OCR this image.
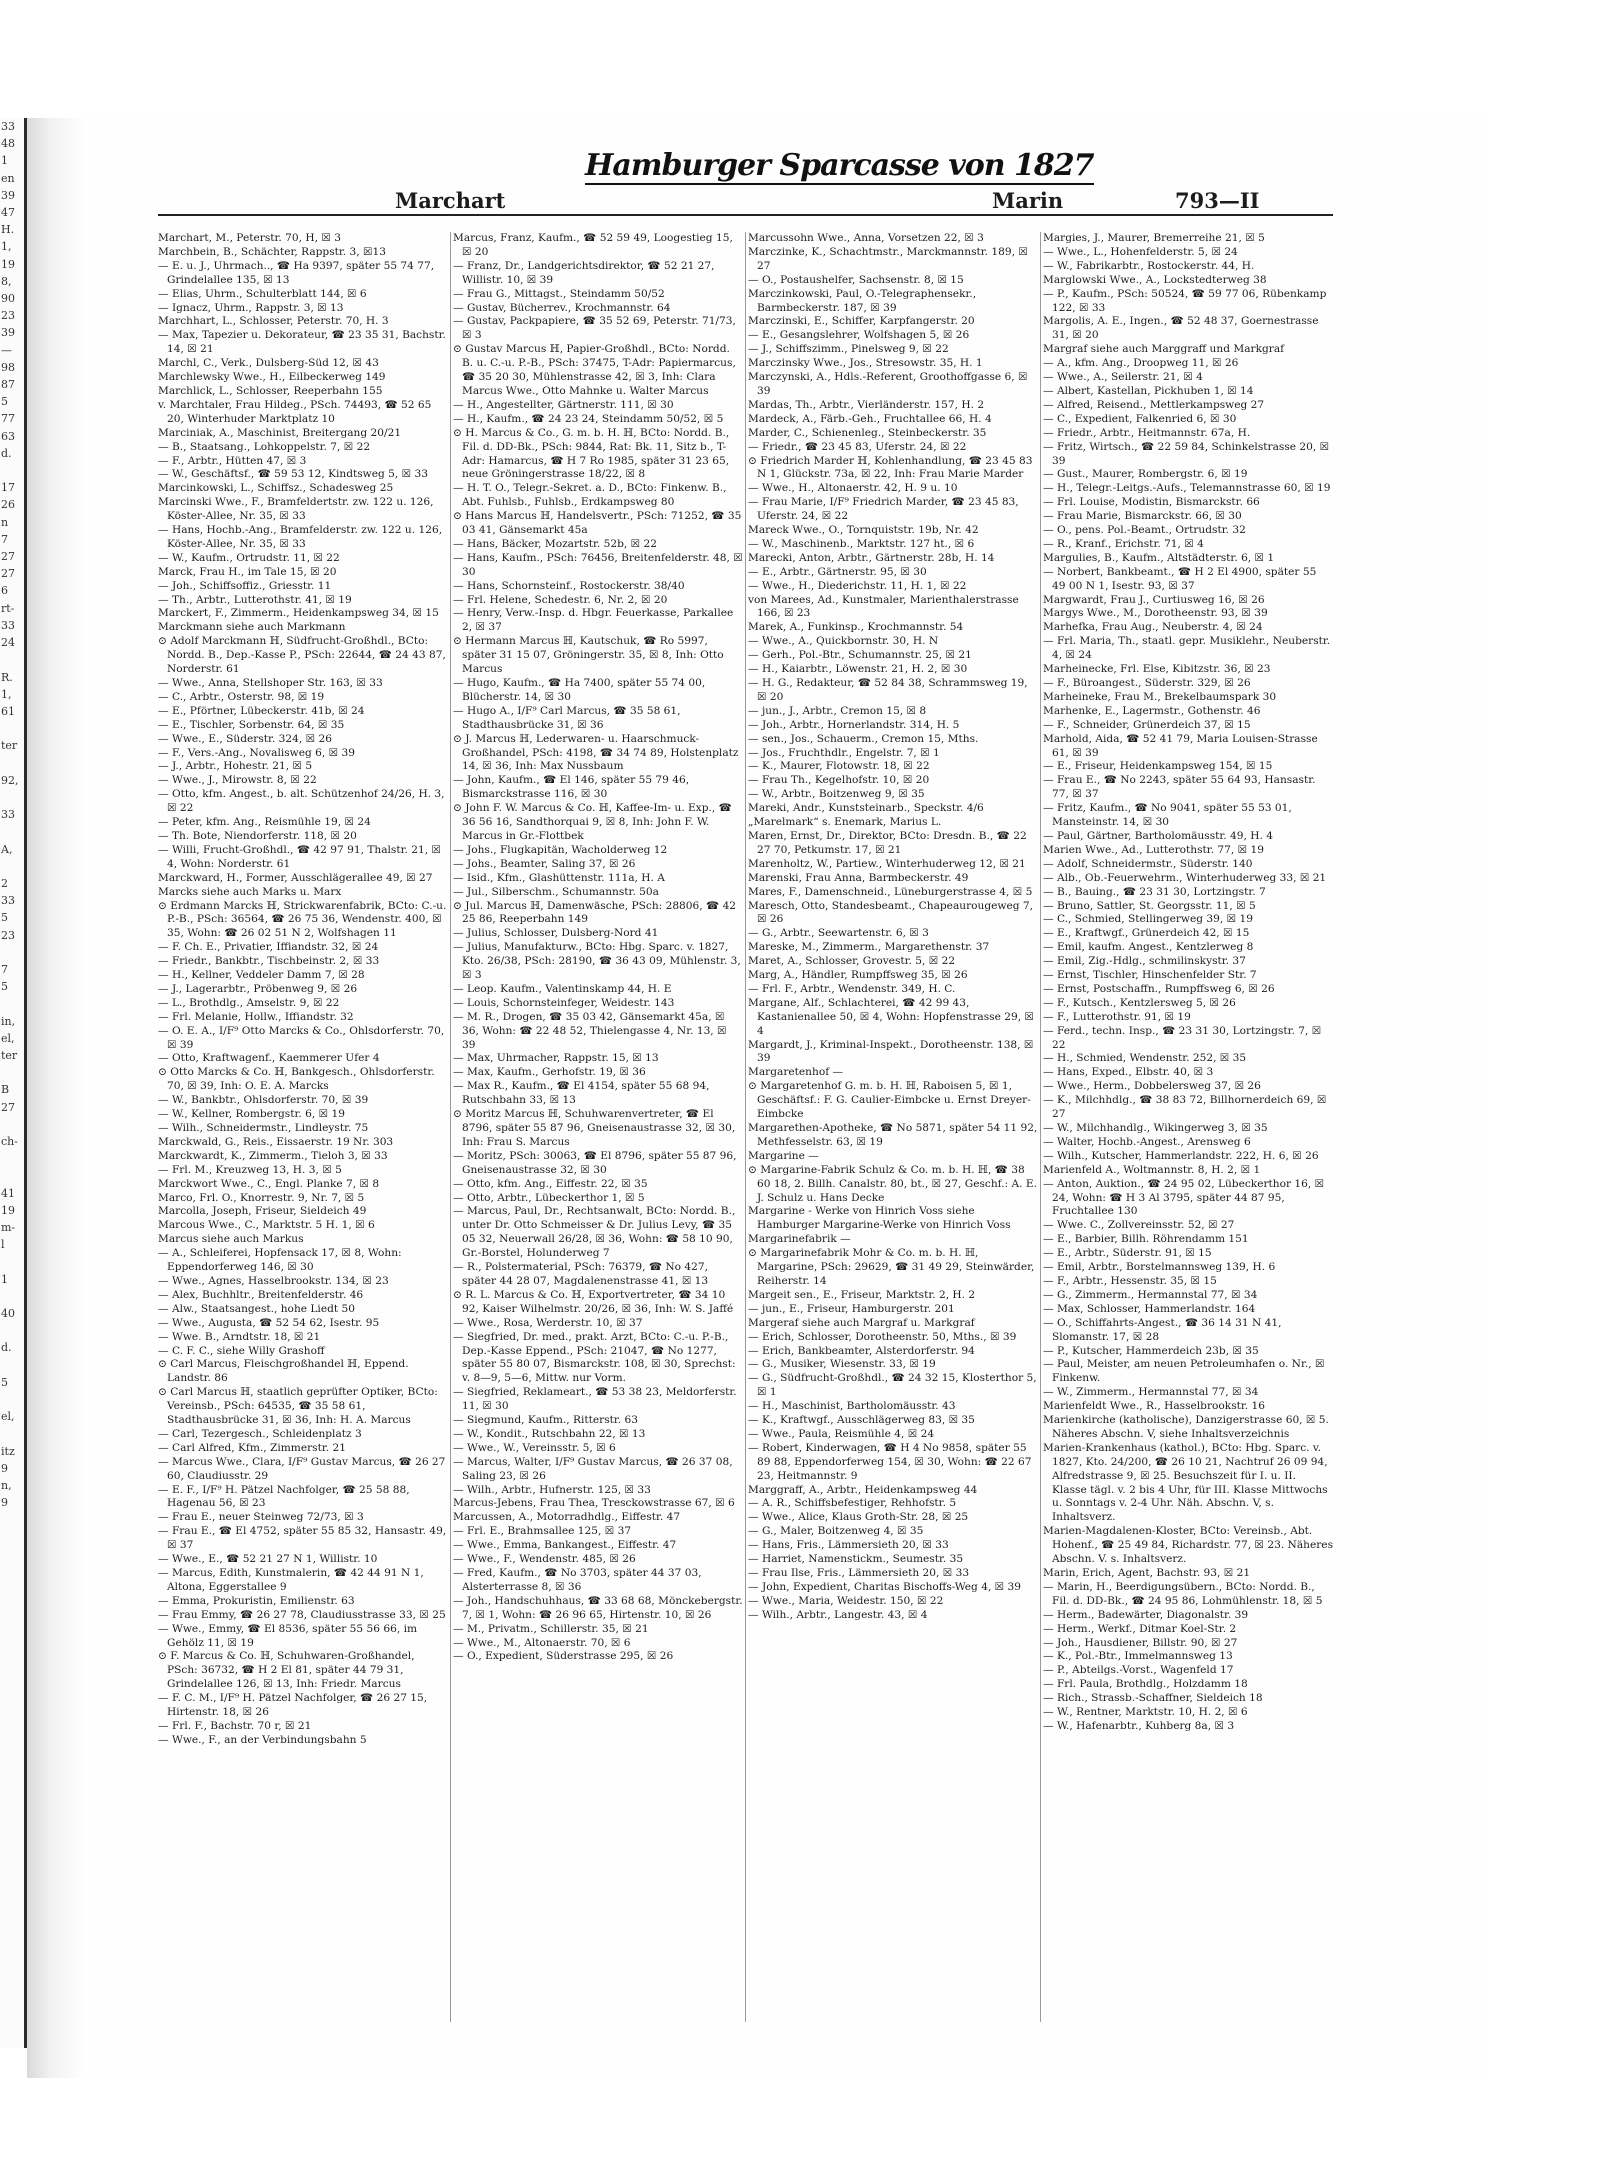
33
48
1
en
39
47
H.
1,
19
8,
90
23
39
—
98
87
5
77
63
d.

17
26
n
7
27
27
6
rt-
33
24

R.
1,
61

ter

92,

33

A,

2
33
5
23

7
5

in,
el,
ter

B
27

ch-

41
19
m-
l

1

40

d.

5

el,

itz
9
n,
9
Marchart
Hamburger Sparcasse von 1827
Marin	793—II

Marchart, M., Peterstr. 70, H, ☒ 3

Marchbein, B., Schächter, Rappstr. 3, ☒13

— E. u. J., Uhrmach.., ☎ Ha 9397, später 55 74 77, Grindelallee 135, ☒ 13

— Elias, Uhrm., Schulterblatt 144, ☒ 6

— Ignacz, Uhrm., Rappstr. 3, ☒ 13

Marchhart, L., Schlosser, Peterstr. 70, H. 3

— Max, Tapezier u. Dekorateur, ☎ 23 35 31, Bachstr. 14, ☒ 21

Marchl, C., Verk., Dulsberg-Süd 12, ☒ 43

Marchlewsky Wwe., H., Eilbeckerweg 149

Marchlick, L., Schlosser, Reeperbahn 155

v. Marchtaler, Frau Hildeg., PSch. 74493, ☎ 52 65 20, Winterhuder Marktplatz 10

Marciniak, A., Maschinist, Breitergang 20/21

— B., Staatsang., Lohkoppelstr. 7, ☒ 22

— F., Arbtr., Hütten 47, ☒ 3

— W., Geschäftsf., ☎ 59 53 12, Kindtsweg 5, ☒ 33

Marcinkowski, L., Schiffsz., Schadesweg 25

Marcinski Wwe., F., Bramfeldertstr. zw. 122 u. 126, Köster-Allee, Nr. 35, ☒ 33

— Hans, Hochb.-Ang., Bramfelderstr. zw. 122 u. 126, Köster-Allee, Nr. 35, ☒ 33

— W., Kaufm., Ortrudstr. 11, ☒ 22

Marck, Frau H., im Tale 15, ☒ 20

— Joh., Schiffsoffiz., Griesstr. 11

— Th., Arbtr., Lutterothstr. 41, ☒ 19

Marckert, F., Zimmerm., Heidenkampsweg 34, ☒ 15

Marckmann siehe auch Markmann

⊙ Adolf Marckmann ℍ, Südfrucht-Großhdl., BCto: Nordd. B., Dep.-Kasse P., PSch: 22644, ☎ 24 43 87, Norderstr. 61

— Wwe., Anna, Stellshoper Str. 163, ☒ 33

— C., Arbtr., Osterstr. 98, ☒ 19

— E., Pförtner, Lübeckerstr. 41b, ☒ 24

— E., Tischler, Sorbenstr. 64, ☒ 35

— Wwe., E., Süderstr. 324, ☒ 26

— F., Vers.-Ang., Novalisweg 6, ☒ 39

— J., Arbtr., Hohestr. 21, ☒ 5

— Wwe., J., Mirowstr. 8, ☒ 22

— Otto, kfm. Angest., b. alt. Schützenhof 24/26, H. 3, ☒ 22

— Peter, kfm. Ang., Reismühle 19, ☒ 24

— Th. Bote, Niendorferstr. 118, ☒ 20

— Willi, Frucht-Großhdl., ☎ 42 97 91, Thalstr. 21, ☒ 4, Wohn: Norderstr. 61

Marckward, H., Former, Ausschlägerallee 49, ☒ 27

Marcks siehe auch Marks u. Marx

⊙ Erdmann Marcks ℍ, Strickwarenfabrik, BCto: C.-u. P.-B., PSch: 36564, ☎ 26 75 36, Wendenstr. 400, ☒ 35, Wohn: ☎ 26 02 51 N 2, Wolfshagen 11

— F. Ch. E., Privatier, Iffiandstr. 32, ☒ 24

— Friedr., Bankbtr., Tischbeinstr. 2, ☒ 33

— H., Kellner, Veddeler Damm 7, ☒ 28

— J., Lagerarbtr., Pröbenweg 9, ☒ 26

— L., Brothdlg., Amselstr. 9, ☒ 22

— Frl. Melanie, Hollw., Iffiandstr. 32

— O. E. A., I/F⁹ Otto Marcks & Co., Ohlsdorferstr. 70, ☒ 39

— Otto, Kraftwagenf., Kaemmerer Ufer 4

⊙ Otto Marcks & Co. ℍ, Bankgesch., Ohlsdorferstr. 70, ☒ 39, Inh: O. E. A. Marcks

— W., Bankbtr., Ohlsdorferstr. 70, ☒ 39

— W., Kellner, Rombergstr. 6, ☒ 19

— Wilh., Schneidermstr., Lindleystr. 75

Marckwald, G., Reis., Eissaerstr. 19 Nr. 303

Marckwardt, K., Zimmerm., Tieloh 3, ☒ 33

— Frl. M., Kreuzweg 13, H. 3, ☒ 5

Marckwort Wwe., C., Engl. Planke 7, ☒ 8

Marco, Frl. O., Knorrestr. 9, Nr. 7, ☒ 5

Marcolla, Joseph, Friseur, Sieldeich 49

Marcous Wwe., C., Marktstr. 5 H. 1, ☒ 6

Marcus siehe auch Markus

— A., Schleiferei, Hopfensack 17, ☒ 8, Wohn: Eppendorferweg 146, ☒ 30

— Wwe., Agnes, Hasselbrookstr. 134, ☒ 23

— Alex, Buchhltr., Breitenfelderstr. 46

— Alw., Staatsangest., hohe Liedt 50

— Wwe., Augusta, ☎ 52 54 62, Isestr. 95

— Wwe. B., Arndtstr. 18, ☒ 21

— C. F. C., siehe Willy Grashoff

⊙ Carl Marcus, Fleischgroßhandel ℍ, Eppend. Landstr. 86

⊙ Carl Marcus ℍ, staatlich geprüfter Optiker, BCto: Vereinsb., PSch: 64535, ☎ 35 58 61, Stadthausbrücke 31, ☒ 36, Inh: H. A. Marcus

— Carl, Tezergesch., Schleidenplatz 3

— Carl Alfred, Kfm., Zimmerstr. 21

— Marcus Wwe., Clara, I/F⁹ Gustav Marcus, ☎ 26 27 60, Claudiusstr. 29

— E. F., I/F⁹ H. Pätzel Nachfolger, ☎ 25 58 88, Hagenau 56, ☒ 23

— Frau E., neuer Steinweg 72/73, ☒ 3

— Frau E., ☎ El 4752, später 55 85 32, Hansastr. 49, ☒ 37

— Wwe., E., ☎ 52 21 27 N 1, Willistr. 10

— Marcus, Edith, Kunstmalerin, ☎ 42 44 91 N 1, Altona, Eggerstallee 9

— Emma, Prokuristin, Emilienstr. 63

— Frau Emmy, ☎ 26 27 78, Claudiusstrasse 33, ☒ 25

— Wwe., Emmy, ☎ El 8536, später 55 56 66, im Gehölz 11, ☒ 19

⊙ F. Marcus & Co. ℍ, Schuhwaren-Großhandel, PSch: 36732, ☎ H 2 El 81, später 44 79 31, Grindelallee 126, ☒ 13, Inh: Friedr. Marcus

— F. C. M., I/F⁹ H. Pätzel Nachfolger, ☎ 26 27 15, Hirtenstr. 18, ☒ 26

— Frl. F., Bachstr. 70 r, ☒ 21

— Wwe., F., an der Verbindungsbahn 5

Marcus, Franz, Kaufm., ☎ 52 59 49, Loogestieg 15, ☒ 20

— Franz, Dr., Landgerichtsdirektor, ☎ 52 21 27, Willistr. 10, ☒ 39

— Frau G., Mittagst., Steindamm 50/52

— Gustav, Bücherrev., Krochmannstr. 64

— Gustav, Packpapiere, ☎ 35 52 69, Peterstr. 71/73, ☒ 3

⊙ Gustav Marcus ℍ, Papier-Großhdl., BCto: Nordd. B. u. C.-u. P.-B., PSch: 37475, T-Adr: Papiermarcus, ☎ 35 20 30, Mühlenstrasse 42, ☒ 3, Inh: Clara Marcus Wwe., Otto Mahnke u. Walter Marcus

— H., Angestellter, Gärtnerstr. 111, ☒ 30

— H., Kaufm., ☎ 24 23 24, Steindamm 50/52, ☒ 5

⊙ H. Marcus & Co., G. m. b. H. ℍ, BCto: Nordd. B., Fil. d. DD-Bk., PSch: 9844, Rat: Bk. 11, Sitz b., T-Adr: Hamarcus, ☎ H 7 Ro 1985, später 31 23 65, neue Gröningerstrasse 18/22, ☒ 8

— H. T. O., Telegr.-Sekret. a. D., BCto: Finkenw. B., Abt. Fuhlsb., Fuhlsb., Erdkampsweg 80

⊙ Hans Marcus ℍ, Handelsvertr., PSch: 71252, ☎ 35 03 41, Gänsemarkt 45a

— Hans, Bäcker, Mozartstr. 52b, ☒ 22

— Hans, Kaufm., PSch: 76456, Breitenfelderstr. 48, ☒ 30

— Hans, Schornsteinf., Rostockerstr. 38/40

— Frl. Helene, Schedestr. 6, Nr. 2, ☒ 20

— Henry, Verw.-Insp. d. Hbgr. Feuerkasse, Parkallee 2, ☒ 37

⊙ Hermann Marcus ℍ, Kautschuk, ☎ Ro 5997, später 31 15 07, Gröningerstr. 35, ☒ 8, Inh: Otto Marcus

— Hugo, Kaufm., ☎ Ha 7400, später 55 74 00, Blücherstr. 14, ☒ 30

— Hugo A., I/F⁹ Carl Marcus, ☎ 35 58 61, Stadthausbrücke 31, ☒ 36

⊙ J. Marcus ℍ, Lederwaren- u. Haarschmuck-Großhandel, PSch: 4198, ☎ 34 74 89, Holstenplatz 14, ☒ 36, Inh: Max Nussbaum

— John, Kaufm., ☎ El 146, später 55 79 46, Bismarckstrasse 116, ☒ 30

⊙ John F. W. Marcus & Co. ℍ, Kaffee-Im- u. Exp., ☎ 36 56 16, Sandthorquai 9, ☒ 8, Inh: John F. W. Marcus in Gr.-Flottbek

— Johs., Flugkapitän, Wacholderweg 12

— Johs., Beamter, Saling 37, ☒ 26

— Isid., Kfm., Glashüttenstr. 111a, H. A

— Jul., Silberschm., Schumannstr. 50a

⊙ Jul. Marcus ℍ, Damenwäsche, PSch: 28806, ☎ 42 25 86, Reeperbahn 149

— Julius, Schlosser, Dulsberg-Nord 41

— Julius, Manufakturw., BCto: Hbg. Sparc. v. 1827, Kto. 26/38, PSch: 28190, ☎ 36 43 09, Mühlenstr. 3, ☒ 3

— Leop. Kaufm., Valentinskamp 44, H. E

— Louis, Schornsteinfeger, Weidestr. 143

— M. R., Drogen, ☎ 35 03 42, Gänsemarkt 45a, ☒ 36, Wohn: ☎ 22 48 52, Thielengasse 4, Nr. 13, ☒ 39

— Max, Uhrmacher, Rappstr. 15, ☒ 13

— Max, Kaufm., Gerhofstr. 19, ☒ 36

— Max R., Kaufm., ☎ El 4154, später 55 68 94, Rutschbahn 33, ☒ 13

⊙ Moritz Marcus ℍ, Schuhwarenvertreter, ☎ El 8796, später 55 87 96, Gneisenaustrasse 32, ☒ 30, Inh: Frau S. Marcus

— Moritz, PSch: 30063, ☎ El 8796, später 55 87 96, Gneisenaustrasse 32, ☒ 30

— Otto, kfm. Ang., Eiffestr. 22, ☒ 35

— Otto, Arbtr., Lübeckerthor 1, ☒ 5

— Marcus, Paul, Dr., Rechtsanwalt, BCto: Nordd. B., unter Dr. Otto Schmeisser & Dr. Julius Levy, ☎ 35 05 32, Neuerwall 26/28, ☒ 36, Wohn: ☎ 58 10 90, Gr.-Borstel, Holunderweg 7

— R., Polstermaterial, PSch: 76379, ☎ No 427, später 44 28 07, Magdalenenstrasse 41, ☒ 13

⊙ R. L. Marcus & Co. ℍ, Exportvertreter, ☎ 34 10 92, Kaiser Wilhelmstr. 20/26, ☒ 36, Inh: W. S. Jaffé

— Wwe., Rosa, Werderstr. 10, ☒ 37

— Siegfried, Dr. med., prakt. Arzt, BCto: C.-u. P.-B., Dep.-Kasse Eppend., PSch: 21047, ☎ No 1277, später 55 80 07, Bismarckstr. 108, ☒ 30, Sprechst: v. 8—9, 5—6, Mittw. nur Vorm.

— Siegfried, Reklameart., ☎ 53 38 23, Meldorferstr. 11, ☒ 30

— Siegmund, Kaufm., Ritterstr. 63

— W., Kondit., Rutschbahn 22, ☒ 13

— Wwe., W., Vereinsstr. 5, ☒ 6

— Marcus, Walter, I/F⁹ Gustav Marcus, ☎ 26 37 08, Saling 23, ☒ 26

— Wilh., Arbtr., Hufnerstr. 125, ☒ 33

Marcus-Jebens, Frau Thea, Tresckowstrasse 67, ☒ 6

Marcussen, A., Motorradhdlg., Eiffestr. 47

— Frl. E., Brahmsallee 125, ☒ 37

— Wwe., Emma, Bankangest., Eiffestr. 47

— Wwe., F., Wendenstr. 485, ☒ 26

— Fred, Kaufm., ☎ No 3703, später 44 37 03, Alsterterrasse 8, ☒ 36

— Joh., Handschuhhaus, ☎ 33 68 68, Mönckebergstr. 7, ☒ 1, Wohn: ☎ 26 96 65, Hirtenstr. 10, ☒ 26

— M., Privatm., Schillerstr. 35, ☒ 21

— Wwe., M., Altonaerstr. 70, ☒ 6

— O., Expedient, Süderstrasse 295, ☒ 26

Marcussohn Wwe., Anna, Vorsetzen 22, ☒ 3

Marczinke, K., Schachtmstr., Marckmannstr. 189, ☒ 27

— O., Postaushelfer, Sachsenstr. 8, ☒ 15

Marczinkowski, Paul, O.-Telegraphensekr., Barmbeckerstr. 187, ☒ 39

Marczinski, E., Schiffer, Karpfangerstr. 20

— E., Gesangslehrer, Wolfshagen 5, ☒ 26

— J., Schiffszimm., Pinelsweg 9, ☒ 22

Marczinsky Wwe., Jos., Stresowstr. 35, H. 1

Marczynski, A., Hdls.-Referent, Groothoffgasse 6, ☒ 39

Mardas, Th., Arbtr., Vierländerstr. 157, H. 2

Mardeck, A., Färb.-Geh., Fruchtallee 66, H. 4

Marder, C., Schienenleg., Steinbeckerstr. 35

— Friedr., ☎ 23 45 83, Uferstr. 24, ☒ 22

⊙ Friedrich Marder ℍ, Kohlenhandlung, ☎ 23 45 83 N 1, Glückstr. 73a, ☒ 22, Inh: Frau Marie Marder

— Wwe., H., Altonaerstr. 42, H. 9 u. 10

— Frau Marie, I/F⁹ Friedrich Marder, ☎ 23 45 83, Uferstr. 24, ☒ 22

Mareck Wwe., O., Tornquiststr. 19b, Nr. 42

— W., Maschinenb., Marktstr. 127 ht., ☒ 6

Marecki, Anton, Arbtr., Gärtnerstr. 28b, H. 14

— E., Arbtr., Gärtnerstr. 95, ☒ 30

— Wwe., H., Diederichstr. 11, H. 1, ☒ 22

von Marees, Ad., Kunstmaler, Marienthalerstrasse 166, ☒ 23

Marek, A., Funkinsp., Krochmannstr. 54

— Wwe., A., Quickbornstr. 30, H. N

— Gerh., Pol.-Btr., Schumannstr. 25, ☒ 21

— H., Kaiarbtr., Löwenstr. 21, H. 2, ☒ 30

— H. G., Redakteur, ☎ 52 84 38, Schrammsweg 19, ☒ 20

— jun., J., Arbtr., Cremon 15, ☒ 8

— Joh., Arbtr., Hornerlandstr. 314, H. 5

— sen., Jos., Schauerm., Cremon 15, Mths.

— Jos., Fruchthdlr., Engelstr. 7, ☒ 1

— K., Maurer, Flotowstr. 18, ☒ 22

— Frau Th., Kegelhofstr. 10, ☒ 20

— W., Arbtr., Boitzenweg 9, ☒ 35

Mareki, Andr., Kunststeinarb., Speckstr. 4/6

„Marelmark“ s. Enemark, Marius L.

Maren, Ernst, Dr., Direktor, BCto: Dresdn. B., ☎ 22 27 70, Petkumstr. 17, ☒ 21

Marenholtz, W., Partiew., Winterhuderweg 12, ☒ 21

Marenski, Frau Anna, Barmbeckerstr. 49

Mares, F., Damenschneid., Lüneburgerstrasse 4, ☒ 5

Maresch, Otto, Standesbeamt., Chapeaurougeweg 7, ☒ 26

— G., Arbtr., Seewartenstr. 6, ☒ 3

Mareske, M., Zimmerm., Margarethenstr. 37

Maret, A., Schlosser, Grovestr. 5, ☒ 22

Marg, A., Händler, Rumpffsweg 35, ☒ 26

— Frl. F., Arbtr., Wendenstr. 349, H. C.

Margane, Alf., Schlachterei, ☎ 42 99 43, Kastanienallee 50, ☒ 4, Wohn: Hopfenstrasse 29, ☒ 4

Margardt, J., Kriminal-Inspekt., Dorotheenstr. 138, ☒ 39

Margaretenhof —

⊙ Margaretenhof G. m. b. H. ℍ, Raboisen 5, ☒ 1, Geschäftsf.: F. G. Caulier-Eimbcke u. Ernst Dreyer-Eimbcke

Margarethen-Apotheke, ☎ No 5871, später 54 11 92, Methfesselstr. 63, ☒ 19

Margarine —

⊙ Margarine-Fabrik Schulz & Co. m. b. H. ℍ, ☎ 38 60 18, 2. Billh. Canalstr. 80, bt., ☒ 27, Geschf.: A. E. J. Schulz u. Hans Decke

Margarine - Werke von Hinrich Voss siehe Hamburger Margarine-Werke von Hinrich Voss

Margarinefabrik —

⊙ Margarinefabrik Mohr & Co. m. b. H. ℍ, Margarine, PSch: 29629, ☎ 31 49 29, Steinwärder, Reiherstr. 14

Margeit sen., E., Friseur, Marktstr. 2, H. 2

— jun., E., Friseur, Hamburgerstr. 201

Margeraf siehe auch Margraf u. Markgraf

— Erich, Schlosser, Dorotheenstr. 50, Mths., ☒ 39

— Erich, Bankbeamter, Alsterdorferstr. 94

— G., Musiker, Wiesenstr. 33, ☒ 19

— G., Südfrucht-Großhdl., ☎ 24 32 15, Klosterthor 5, ☒ 1

— H., Maschinist, Bartholomäusstr. 43

— K., Kraftwgf., Ausschlägerweg 83, ☒ 35

— Wwe., Paula, Reismühle 4, ☒ 24

— Robert, Kinderwagen, ☎ H 4 No 9858, später 55 89 88, Eppendorferweg 154, ☒ 30, Wohn: ☎ 22 67 23, Heitmannstr. 9

Marggraff, A., Arbtr., Heidenkampsweg 44

— A. R., Schiffsbefestiger, Rehhofstr. 5

— Wwe., Alice, Klaus Groth-Str. 28, ☒ 25

— G., Maler, Boitzenweg 4, ☒ 35

— Hans, Fris., Lämmersieth 20, ☒ 33

— Harriet, Namenstickm., Seumestr. 35

— Frau Ilse, Fris., Lämmersieth 20, ☒ 33

— John, Expedient, Charitas Bischoffs-Weg 4, ☒ 39

— Wwe., Maria, Weidestr. 150, ☒ 22

— Wilh., Arbtr., Langestr. 43, ☒ 4

Margies, J., Maurer, Bremerreihe 21, ☒ 5

— Wwe., L., Hohenfelderstr. 5, ☒ 24

— W., Fabrikarbtr., Rostockerstr. 44, H.

Marglowski Wwe., A., Lockstedterweg 38

— P., Kaufm., PSch: 50524, ☎ 59 77 06, Rübenkamp 122, ☒ 33

Margolis, A. E., Ingen., ☎ 52 48 37, Goernestrasse 31, ☒ 20

Margraf siehe auch Marggraff und Markgraf

— A., kfm. Ang., Droopweg 11, ☒ 26

— Wwe., A., Seilerstr. 21, ☒ 4

— Albert, Kastellan, Pickhuben 1, ☒ 14

— Alfred, Reisend., Mettlerkampsweg 27

— C., Expedient, Falkenried 6, ☒ 30

— Friedr., Arbtr., Heitmannstr. 67a, H.

— Fritz, Wirtsch., ☎ 22 59 84, Schinkelstrasse 20, ☒ 39

— Gust., Maurer, Rombergstr. 6, ☒ 19

— H., Telegr.-Leitgs.-Aufs., Telemannstrasse 60, ☒ 19

— Frl. Louise, Modistin, Bismarckstr. 66

— Frau Marie, Bismarckstr. 66, ☒ 30

— O., pens. Pol.-Beamt., Ortrudstr. 32

— R., Kranf., Erichstr. 71, ☒ 4

Margulies, B., Kaufm., Altstädterstr. 6, ☒ 1

— Norbert, Bankbeamt., ☎ H 2 El 4900, später 55 49 00 N 1, Isestr. 93, ☒ 37

Margwardt, Frau J., Curtiusweg 16, ☒ 26

Margys Wwe., M., Dorotheenstr. 93, ☒ 39

Marhefka, Frau Aug., Neuberstr. 4, ☒ 24

— Frl. Maria, Th., staatl. gepr. Musiklehr., Neuberstr. 4, ☒ 24

Marheinecke, Frl. Else, Kibitzstr. 36, ☒ 23

— F., Büroangest., Süderstr. 329, ☒ 26

Marheineke, Frau M., Brekelbaumspark 30

Marhenke, E., Lagermstr., Gothenstr. 46

— F., Schneider, Grünerdeich 37, ☒ 15

Marhold, Aida, ☎ 52 41 79, Maria Louisen-Strasse 61, ☒ 39

— E., Friseur, Heidenkampsweg 154, ☒ 15

— Frau E., ☎ No 2243, später 55 64 93, Hansastr. 77, ☒ 37

— Fritz, Kaufm., ☎ No 9041, später 55 53 01, Mansteinstr. 14, ☒ 30

— Paul, Gärtner, Bartholomäusstr. 49, H. 4

Marien Wwe., Ad., Lutterothstr. 77, ☒ 19

— Adolf, Schneidermstr., Süderstr. 140

— Alb., Ob.-Feuerwehrm., Winterhuderweg 33, ☒ 21

— B., Bauing., ☎ 23 31 30, Lortzingstr. 7

— Bruno, Sattler, St. Georgsstr. 11, ☒ 5

— C., Schmied, Stellingerweg 39, ☒ 19

— E., Kraftwgf., Grünerdeich 42, ☒ 15

— Emil, kaufm. Angest., Kentzlerweg 8

— Emil, Zig.-Hdlg., schmilinskystr. 37

— Ernst, Tischler, Hinschenfelder Str. 7

— Ernst, Postschaffn., Rumpffsweg 6, ☒ 26

— F., Kutsch., Kentzlersweg 5, ☒ 26

— F., Lutterothstr. 91, ☒ 19

— Ferd., techn. Insp., ☎ 23 31 30, Lortzingstr. 7, ☒ 22

— H., Schmied, Wendenstr. 252, ☒ 35

— Hans, Exped., Elbstr. 40, ☒ 3

— Wwe., Herm., Dobbelersweg 37, ☒ 26

— K., Milchhdlg., ☎ 38 83 72, Billhornerdeich 69, ☒ 27

— W., Milchhandlg., Wikingerweg 3, ☒ 35

— Walter, Hochb.-Angest., Arensweg 6

— Wilh., Kutscher, Hammerlandstr. 222, H. 6, ☒ 26

Marienfeld A., Woltmannstr. 8, H. 2, ☒ 1

— Anton, Auktion., ☎ 24 95 02, Lübeckerthor 16, ☒ 24, Wohn: ☎ H 3 Al 3795, später 44 87 95, Fruchtallee 130

— Wwe. C., Zollvereinsstr. 52, ☒ 27

— E., Barbier, Billh. Röhrendamm 151

— E., Arbtr., Süderstr. 91, ☒ 15

— Emil, Arbtr., Borstelmannsweg 139, H. 6

— F., Arbtr., Hessenstr. 35, ☒ 15

— G., Zimmerm., Hermannstal 77, ☒ 34

— Max, Schlosser, Hammerlandstr. 164

— O., Schiffahrts-Angest., ☎ 36 14 31 N 41, Slomanstr. 17, ☒ 28

— P., Kutscher, Hammerdeich 23b, ☒ 35

— Paul, Meister, am neuen Petroleumhafen o. Nr., ☒ Finkenw.

— W., Zimmerm., Hermannstal 77, ☒ 34

Marienfeldt Wwe., R., Hasselbrookstr. 16

Marienkirche (katholische), Danzigerstrasse 60, ☒ 5. Näheres Abschn. V, siehe Inhaltsverzeichnis

Marien-Krankenhaus (kathol.), BCto: Hbg. Sparc. v. 1827, Kto. 24/200, ☎ 26 10 21, Nachtruf 26 09 94, Alfredstrasse 9, ☒ 25. Besuchszeit für I. u. II. Klasse tägl. v. 2 bis 4 Uhr, für III. Klasse Mittwochs u. Sonntags v. 2-4 Uhr. Näh. Abschn. V, s. Inhaltsverz.

Marien-Magdalenen-Kloster, BCto: Vereinsb., Abt. Hohenf., ☎ 25 49 84, Richardstr. 77, ☒ 23. Näheres Abschn. V. s. Inhaltsverz.

Marin, Erich, Agent, Bachstr. 93, ☒ 21

— Marin, H., Beerdigungsübern., BCto: Nordd. B., Fil. d. DD-Bk., ☎ 24 95 86, Lohmühlenstr. 18, ☒ 5

— Herm., Badewärter, Diagonalstr. 39

— Herm., Werkf., Ditmar Koel-Str. 2

— Joh., Hausdiener, Billstr. 90, ☒ 27

— K., Pol.-Btr., Immelmannsweg 13

— P., Abteilgs.-Vorst., Wagenfeld 17

— Frl. Paula, Brothdlg., Holzdamm 18

— Rich., Strassb.-Schaffner, Sieldeich 18

— W., Rentner, Marktstr. 10, H. 2, ☒ 6

— W., Hafenarbtr., Kuhberg 8a, ☒ 3
